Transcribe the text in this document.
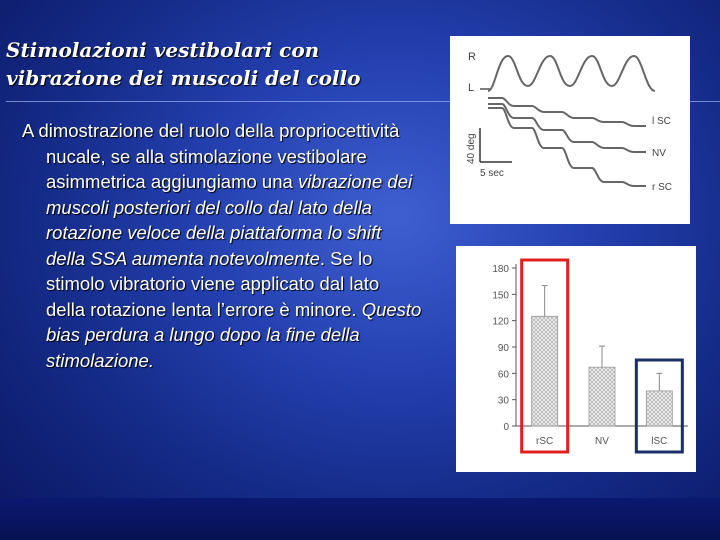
Stimolazioni vestibolari con
vibrazione dei muscoli del collo

A dimostrazione del ruolo della propriocettività nucale, se alla stimolazione vestibolare asimmetrica aggiungiamo una vibrazione dei muscoli posteriori del collo dal lato della rotazione veloce della piattaforma lo shift della SSA aumenta notevolmente. Se lo stimolo vibratorio viene applicato dal lato della rotazione lenta l’errore è minore. Questo bias perdura a lungo dopo la fine della stimolazione.

R
L
l SC
NV
r SC
40 deg
5 sec
0
30
60
90
120
150
180
rSC	NV	lSC
